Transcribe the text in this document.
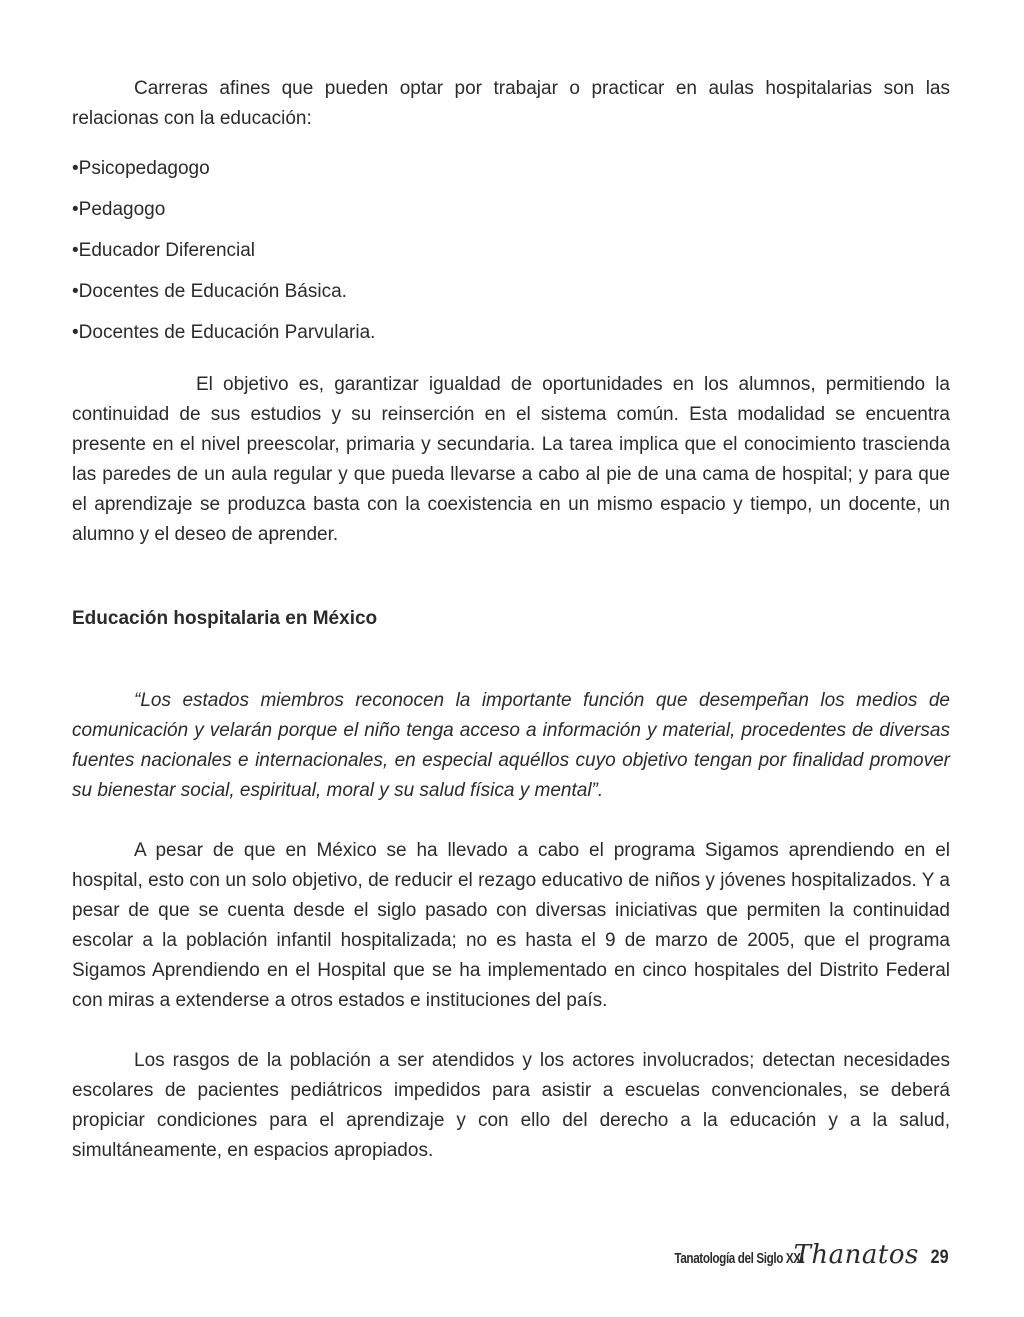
Carreras afines que pueden optar por trabajar o practicar en aulas hospitalarias son las relacionas con la educación:

•Psicopedagogo
•Pedagogo
•Educador Diferencial
•Docentes de Educación Básica.
•Docentes de Educación Parvularia.

El objetivo es, garantizar igualdad de oportunidades en los alumnos, permitiendo la continuidad de sus estudios y su reinserción en el sistema común. Esta modalidad se encuentra presente en el nivel preescolar, primaria y secundaria. La tarea implica que el conocimiento trascienda las paredes de un aula regular y que pueda llevarse a cabo al pie de una cama de hospital; y para que el aprendizaje se produzca basta con la coexistencia en un mismo espacio y tiempo, un docente, un alumno y el deseo de aprender.

Educación hospitalaria en México

“Los estados miembros reconocen la importante función que desempeñan los medios de comunicación y velarán porque el niño tenga acceso a información y material, procedentes de diversas fuentes nacionales e internacionales, en especial aquéllos cuyo objetivo tengan por finalidad promover su bienestar social, espiritual, moral y su salud física y mental”.

A pesar de que en México se ha llevado a cabo el programa Sigamos aprendiendo en el hospital, esto con un solo objetivo, de reducir el rezago educativo de niños y jóvenes hospitalizados. Y a pesar de que se cuenta desde el siglo pasado con diversas iniciativas que permiten la continuidad escolar a la población infantil hospitalizada; no es hasta el 9 de marzo de 2005, que el programa Sigamos Aprendiendo en el Hospital que se ha implementado en cinco hospitales del Distrito Federal con miras a extenderse a otros estados e instituciones del país.

Los rasgos de la población a ser atendidos y los actores involucrados; detectan necesidades escolares de pacientes pediátricos impedidos para asistir a escuelas convencionales, se deberá propiciar condiciones para el aprendizaje y con ello del derecho a la educación y a la salud, simultáneamente, en espacios apropiados.

Tanatología del Siglo XXI
Thanatos 29
